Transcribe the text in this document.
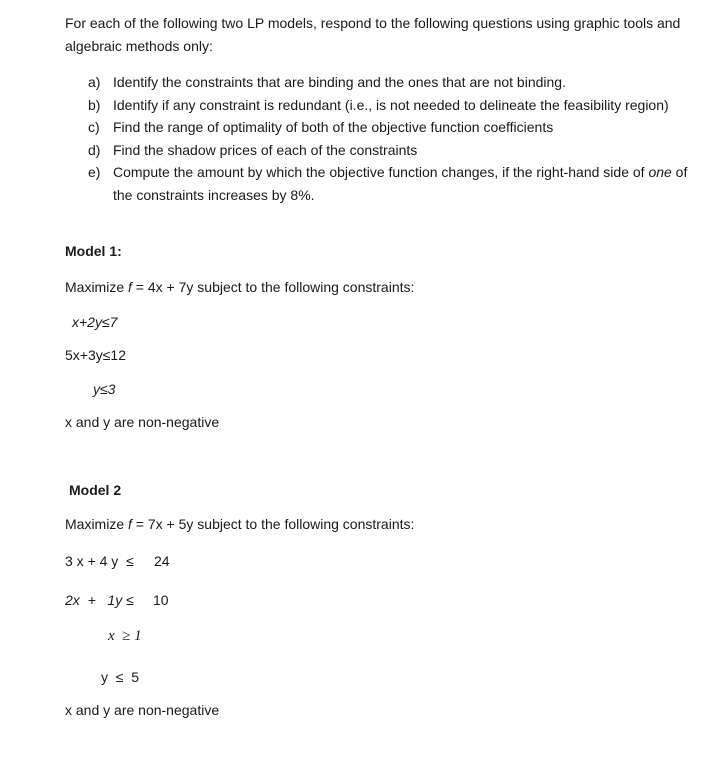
For each of the following two LP models, respond to the following questions using graphic tools and algebraic methods only:
a) Identify the constraints that are binding and the ones that are not binding.
b) Identify if any constraint is redundant (i.e., is not needed to delineate the feasibility region)
c) Find the range of optimality of both of the objective function coefficients
d) Find the shadow prices of each of the constraints
e) Compute the amount by which the objective function changes, if the right-hand side of one of the constraints increases by 8%.
Model 1:
Maximize f = 4x + 7y subject to the following constraints:
x+2y≤7
5x+3y≤12
y≤3
x and y are non-negative
Model 2
Maximize f = 7x + 5y subject to the following constraints:
3 x + 4 y  ≤ 24
2x  +   1y ≤ 10
x  ≥ 1
y  ≤  5
x and y are non-negative
